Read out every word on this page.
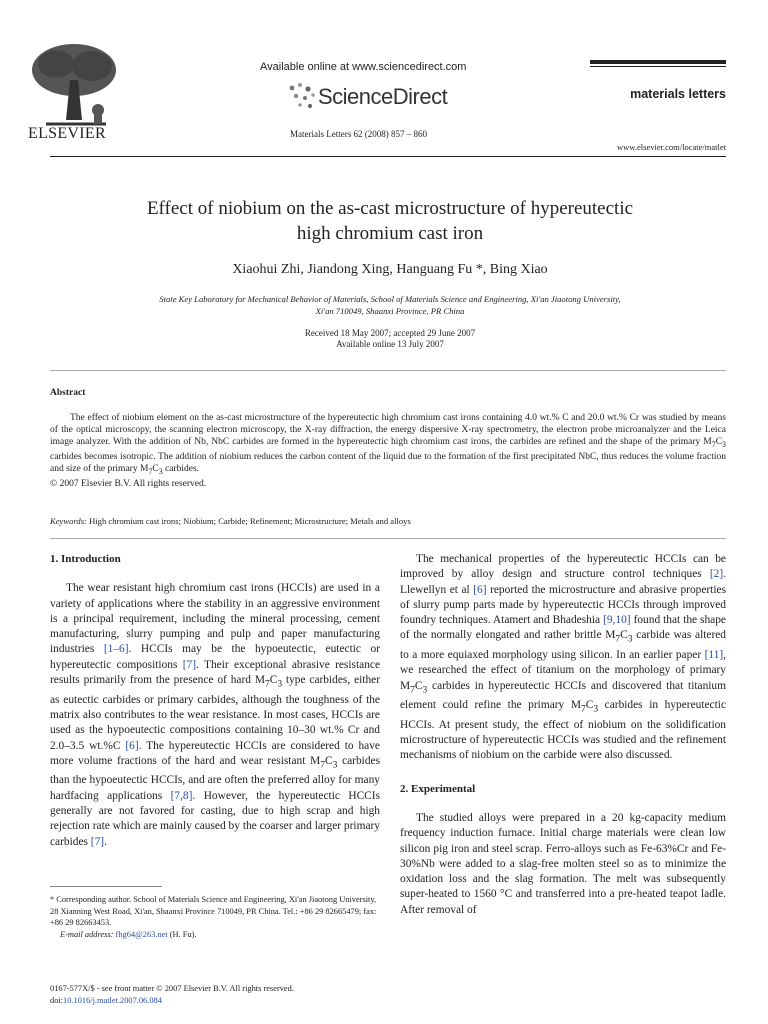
ELSEVIER
Available online at www.sciencedirect.com
ScienceDirect
Materials Letters 62 (2008) 857 – 860
materials letters
www.elsevier.com/locate/matlet
Effect of niobium on the as-cast microstructure of hypereutectic
high chromium cast iron
Xiaohui Zhi, Jiandong Xing, Hanguang Fu *, Bing Xiao
State Key Laboratory for Mechanical Behavior of Materials, School of Materials Science and Engineering, Xi'an Jiaotong University,
Xi'an 710049, Shaanxi Province, PR China
Received 18 May 2007; accepted 29 June 2007
Available online 13 July 2007
Abstract
The effect of niobium element on the as-cast microstructure of the hypereutectic high chromium cast irons containing 4.0 wt.% C and 20.0 wt.% Cr was studied by means of the optical microscopy, the scanning electron microscopy, the X-ray diffraction, the energy dispersive X-ray spectrometry, the electron probe microanalyzer and the Leica image analyzer. With the addition of Nb, NbC carbides are formed in the hypereutectic high chromium cast irons, the carbides are refined and the shape of the primary $M_7C_3$ carbides becomes isotropic. The addition of niobium reduces the carbon content of the liquid due to the formation of the first precipitated NbC, thus reduces the volume fraction and size of the primary $M_7C_3$ carbides.
© 2007 Elsevier B.V. All rights reserved.
Keywords: High chromium cast irons; Niobium; Carbide; Refinement; Microstructure; Metals and alloys
1. Introduction
The wear resistant high chromium cast irons (HCCIs) are used in a variety of applications where the stability in an aggressive environment is a principal requirement, including the mineral processing, cement manufacturing, slurry pumping and pulp and paper manufacturing industries [1–6]. HCCIs may be the hypoeutectic, eutectic or hypereutectic compositions [7]. Their exceptional abrasive resistance results primarily from the presence of hard $M_7C_3$ type carbides, either as eutectic carbides or primary carbides, although the toughness of the matrix also contributes to the wear resistance. In most cases, HCCIs are used as the hypoeutectic compositions containing 10–30 wt.% Cr and 2.0–3.5 wt.%C [6]. The hypereutectic HCCIs are considered to have more volume fractions of the hard and wear resistant $M_7C_3$ carbides than the hypoeutectic HCCIs, and are often the preferred alloy for many hardfacing applications [7,8]. However, the hypereutectic HCCIs generally are not favored for casting, due to high scrap and high rejection rate which are mainly caused by the coarser and larger primary carbides [7].
The mechanical properties of the hypereutectic HCCIs can be improved by alloy design and structure control techniques [2]. Llewellyn et al [6] reported the microstructure and abrasive properties of slurry pump parts made by hypereutectic HCCIs through improved foundry techniques. Atamert and Bhadeshia [9,10] found that the shape of the normally elongated and rather brittle $M_7C_3$ carbide was altered to a more equiaxed morphology using silicon. In an earlier paper [11], we researched the effect of titanium on the morphology of primary $M_7C_3$ carbides in hypereutectic HCCIs and discovered that titanium element could refine the primary $M_7C_3$ carbides in hypereutectic HCCIs. At present study, the effect of niobium on the solidification microstructure of hypereutectic HCCIs was studied and the refinement mechanisms of niobium on the carbide were also discussed.
2. Experimental
The studied alloys were prepared in a 20 kg-capacity medium frequency induction furnace. Initial charge materials were clean low silicon pig iron and steel scrap. Ferro-alloys such as Fe-63%Cr and Fe-30%Nb were added to a slag-free molten steel so as to minimize the oxidation loss and the slag formation. The melt was subsequently super-heated to 1560 °C and transferred into a pre-heated teapot ladle. After removal of
* Corresponding author. School of Materials Science and Engineering, Xi'an Jiaotong University, 28 Xianning West Road, Xi'an, Shaanxi Province 710049, PR China. Tel.: +86 29 82665479; fax: +86 29 82663453.
E-mail address: fhg64@263.net (H. Fu).
0167-577X/$ - see front matter © 2007 Elsevier B.V. All rights reserved.
doi:10.1016/j.matlet.2007.06.084
